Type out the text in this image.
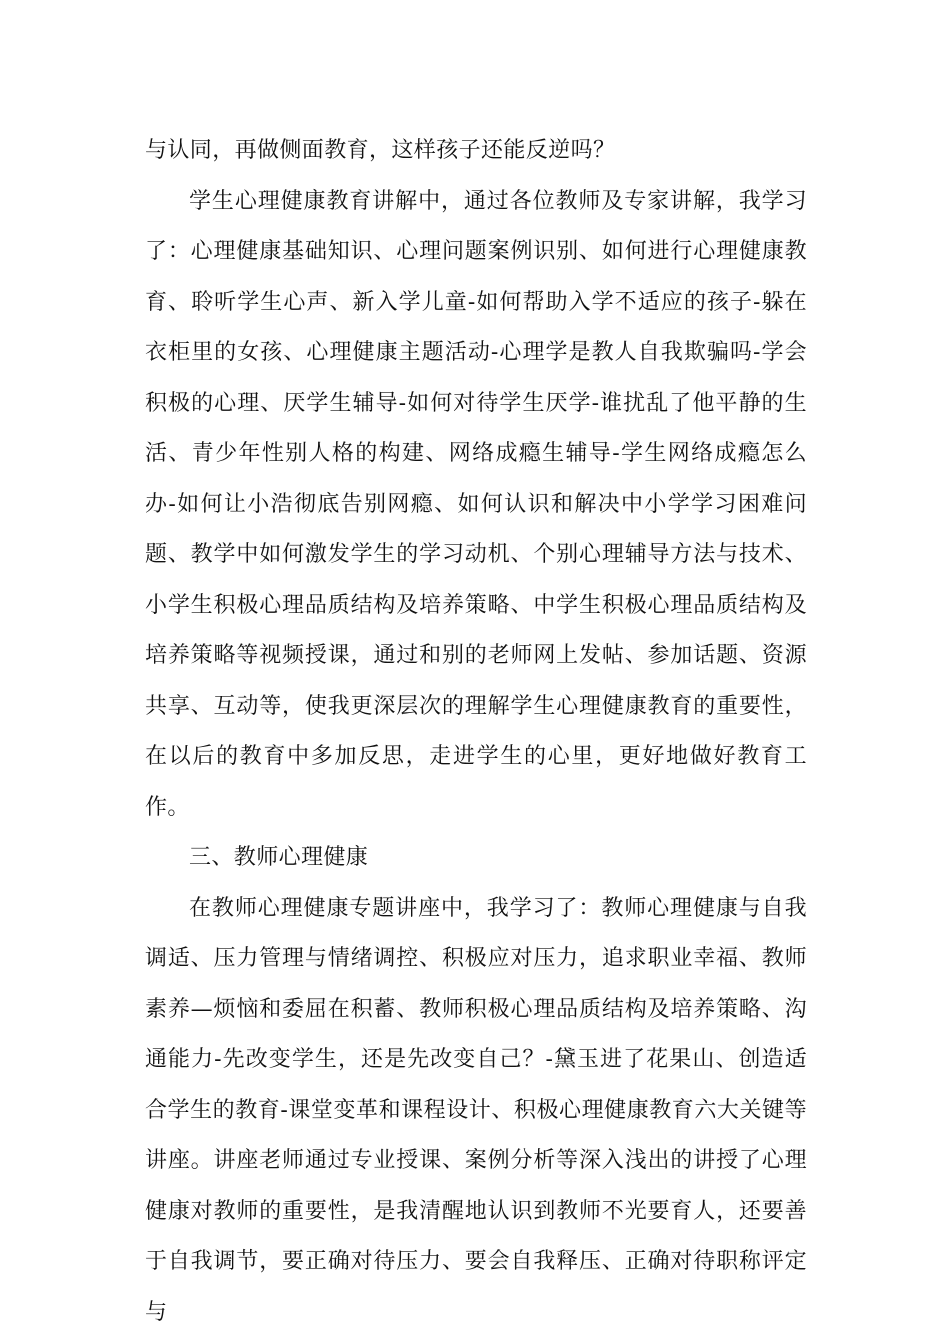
与认同，再做侧面教育，这样孩子还能反逆吗？

学生心理健康教育讲解中，通过各位教师及专家讲解，我学习了：心理健康基础知识、心理问题案例识别、如何进行心理健康教育、聆听学生心声、新入学儿童-如何帮助入学不适应的孩子-躲在衣柜里的女孩、心理健康主题活动-心理学是教人自我欺骗吗-学会积极的心理、厌学生辅导-如何对待学生厌学-谁扰乱了他平静的生活、青少年性别人格的构建、网络成瘾生辅导-学生网络成瘾怎么办-如何让小浩彻底告别网瘾、如何认识和解决中小学学习困难问题、教学中如何激发学生的学习动机、个别心理辅导方法与技术、小学生积极心理品质结构及培养策略、中学生积极心理品质结构及培养策略等视频授课，通过和别的老师网上发帖、参加话题、资源共享、互动等，使我更深层次的理解学生心理健康教育的重要性，在以后的教育中多加反思，走进学生的心里，更好地做好教育工作。

三、教师心理健康

在教师心理健康专题讲座中，我学习了：教师心理健康与自我调适、压力管理与情绪调控、积极应对压力，追求职业幸福、教师素养—烦恼和委屈在积蓄、教师积极心理品质结构及培养策略、沟通能力-先改变学生，还是先改变自己？-黛玉进了花果山、创造适合学生的教育-课堂变革和课程设计、积极心理健康教育六大关键等讲座。讲座老师通过专业授课、案例分析等深入浅出的讲授了心理健康对教师的重要性，是我清醒地认识到教师不光要育人，还要善于自我调节，要正确对待压力、要会自我释压、正确对待职称评定与
